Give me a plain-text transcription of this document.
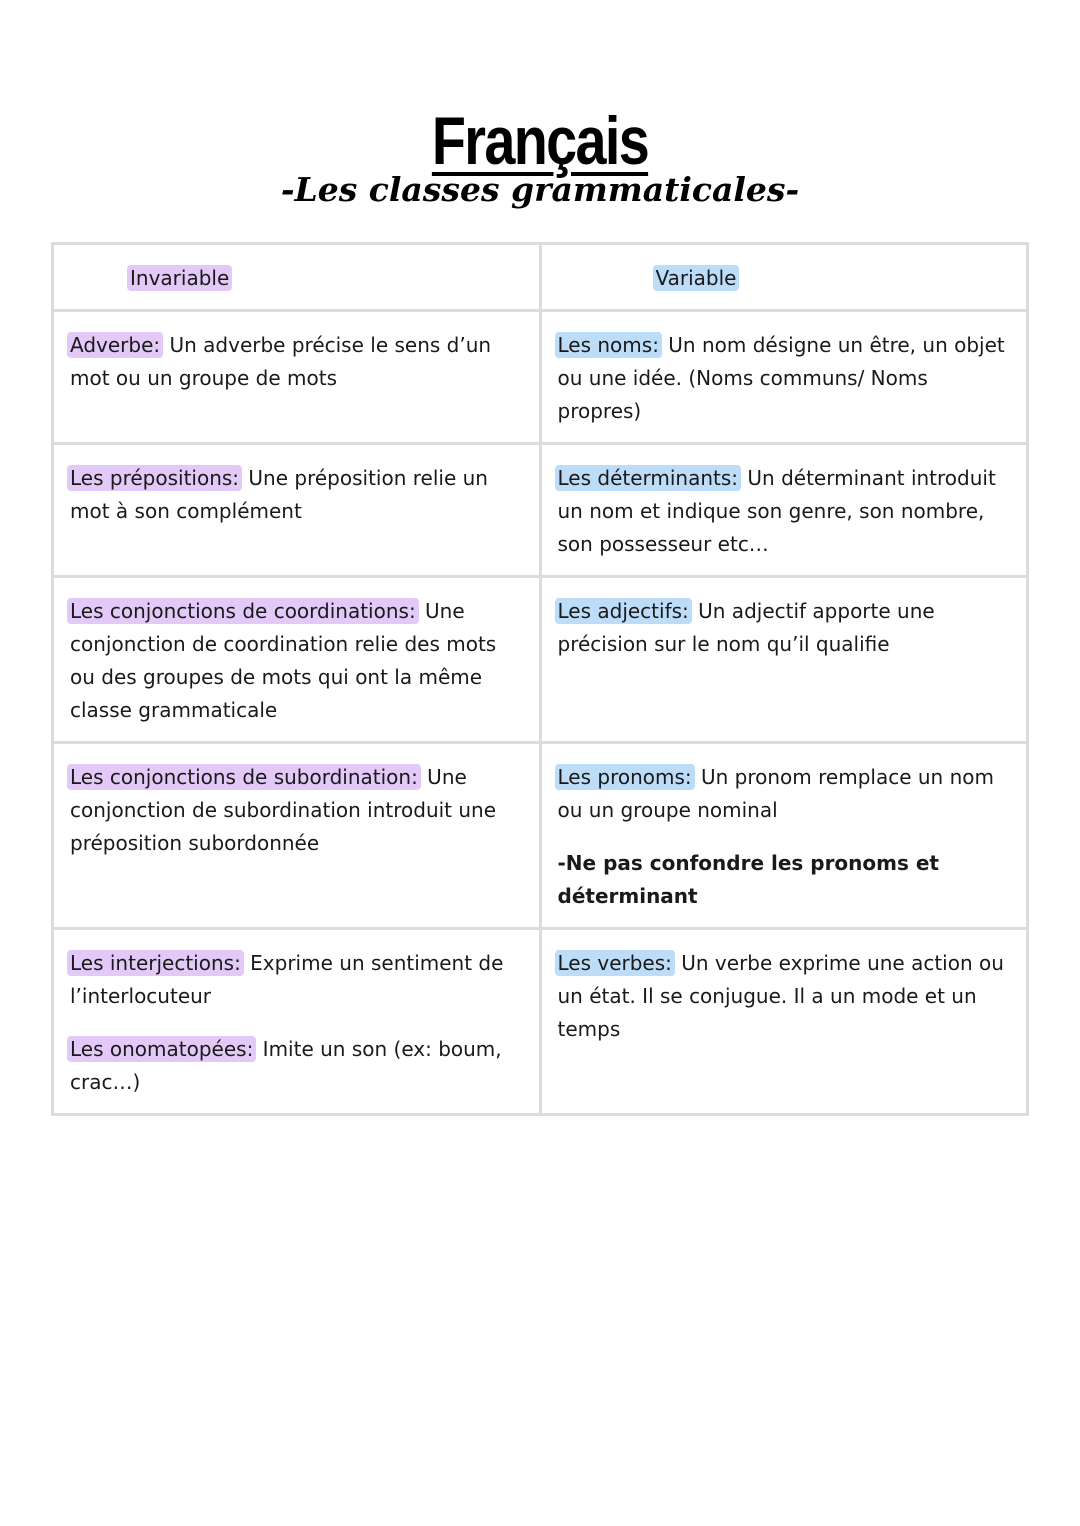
Français
-Les classes grammaticales-
Invariable	Variable
Adverbe: Un adverbe précise le sens d’un mot ou un groupe de mots	Les noms: Un nom désigne un être, un objet ou une idée. (Noms communs/ Noms propres)
Les prépositions: Une préposition relie un mot à son complément	Les déterminants: Un déterminant introduit un nom et indique son genre, son nombre, son possesseur etc…
Les conjonctions de coordinations: Une conjonction de coordination relie des mots ou des groupes de mots qui ont la même classe grammaticale	Les adjectifs: Un adjectif apporte une précision sur le nom qu’il qualifie
Les conjonctions de subordination: Une conjonction de subordination introduit une préposition subordonnée	Les pronoms: Un pronom remplace un nom ou un groupe nominal
-Ne pas confondre les pronoms et déterminant

Les interjections: Exprime un sentiment de l’interlocuteur
Les onomatopées: Imite un son (ex: boum, crac…)	Les verbes: Un verbe exprime une action ou un état. Il se conjugue. Il a un mode et un temps
